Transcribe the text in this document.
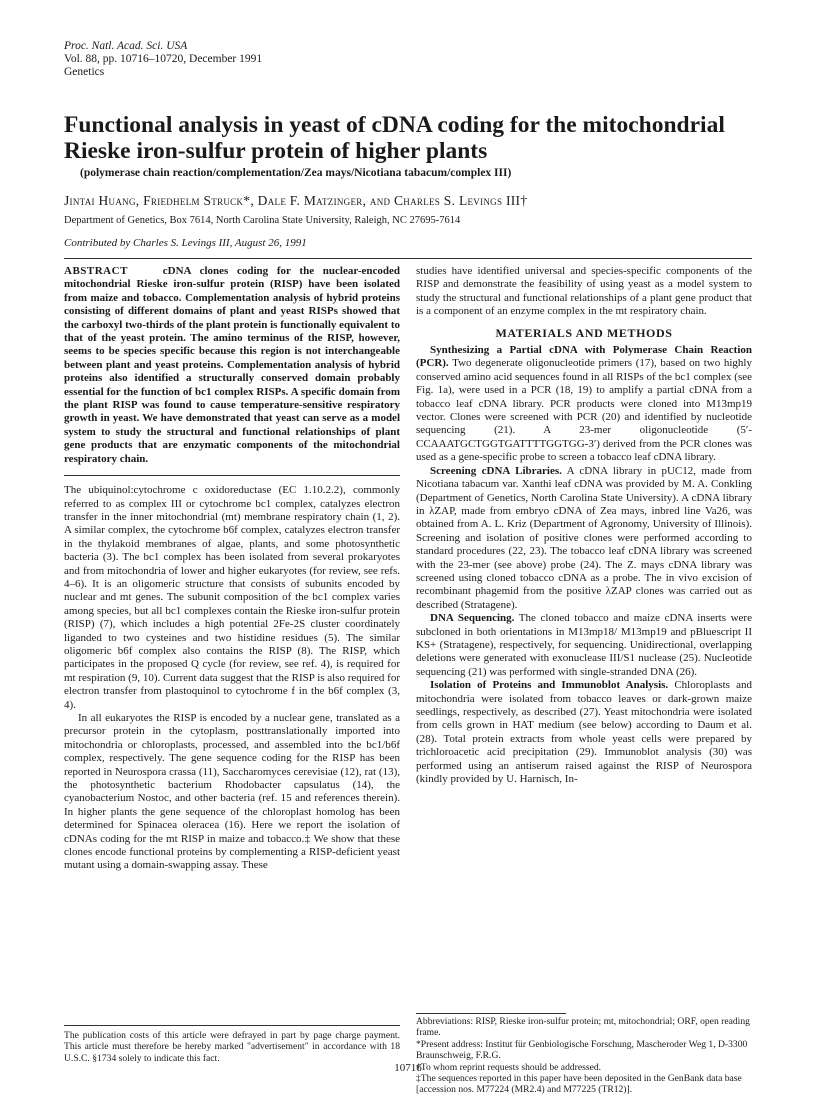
Proc. Natl. Acad. Sci. USA
Vol. 88, pp. 10716–10720, December 1991
Genetics
Functional analysis in yeast of cDNA coding for the mitochondrial Rieske iron-sulfur protein of higher plants
(polymerase chain reaction/complementation/Zea mays/Nicotiana tabacum/complex III)
Jintai Huang, Friedhelm Struck*, Dale F. Matzinger, and Charles S. Levings III†
Department of Genetics, Box 7614, North Carolina State University, Raleigh, NC 27695-7614
Contributed by Charles S. Levings III, August 26, 1991

ABSTRACT	cDNA clones coding for the nuclear-encoded mitochondrial Rieske iron-sulfur protein (RISP) have been isolated from maize and tobacco. Complementation analysis of hybrid proteins consisting of different domains of plant and yeast RISPs showed that the carboxyl two-thirds of the plant protein is functionally equivalent to that of the yeast protein. The amino terminus of the RISP, however, seems to be species specific because this region is not interchangeable between plant and yeast proteins. Complementation analysis of hybrid proteins also identified a structurally conserved domain probably essential for the function of bc1 complex RISPs. A specific domain from the plant RISP was found to cause temperature-sensitive respiratory growth in yeast. We have demonstrated that yeast can serve as a model system to study the structural and functional relationships of plant gene products that are enzymatic components of the mitochondrial respiratory chain.

The ubiquinol:cytochrome c oxidoreductase (EC 1.10.2.2), commonly referred to as complex III or cytochrome bc1 complex, catalyzes electron transfer in the inner mitochondrial (mt) membrane respiratory chain (1, 2). A similar complex, the cytochrome b6f complex, catalyzes electron transfer in the thylakoid membranes of algae, plants, and some photosynthetic bacteria (3). The bc1 complex has been isolated from several prokaryotes and from mitochondria of lower and higher eukaryotes (for review, see refs. 4–6). It is an oligomeric structure that consists of subunits encoded by nuclear and mt genes. The subunit composition of the bc1 complex varies among species, but all bc1 complexes contain the Rieske iron-sulfur protein (RISP) (7), which includes a high potential 2Fe-2S cluster coordinately liganded to two cysteines and two histidine residues (5). The similar oligomeric b6f complex also contains the RISP (8). The RISP, which participates in the proposed Q cycle (for review, see ref. 4), is required for mt respiration (9, 10). Current data suggest that the RISP is also required for electron transfer from plastoquinol to cytochrome f in the b6f complex (3, 4).

In all eukaryotes the RISP is encoded by a nuclear gene, translated as a precursor protein in the cytoplasm, posttranslationally imported into mitochondria or chloroplasts, processed, and assembled into the bc1/b6f complex, respectively. The gene sequence coding for the RISP has been reported in Neurospora crassa (11), Saccharomyces cerevisiae (12), rat (13), the photosynthetic bacterium Rhodobacter capsulatus (14), the cyanobacterium Nostoc, and other bacteria (ref. 15 and references therein). In higher plants the gene sequence of the chloroplast homolog has been determined for Spinacea oleracea (16). Here we report the isolation of cDNAs coding for the mt RISP in maize and tobacco.‡ We show that these clones encode functional proteins by complementing a RISP-deficient yeast mutant using a domain-swapping assay. These

studies have identified universal and species-specific components of the RISP and demonstrate the feasibility of using yeast as a model system to study the structural and functional relationships of a plant gene product that is a component of an enzyme complex in the mt respiratory chain.

MATERIALS AND METHODS

Synthesizing a Partial cDNA with Polymerase Chain Reaction (PCR). Two degenerate oligonucleotide primers (17), based on two highly conserved amino acid sequences found in all RISPs of the bc1 complex (see Fig. 1a), were used in a PCR (18, 19) to amplify a partial cDNA from a tobacco leaf cDNA library. PCR products were cloned into M13mp19 vector. Clones were screened with PCR (20) and identified by nucleotide sequencing (21). A 23-mer oligonucleotide (5′-CCAAATGCTGGTGATTTTGGTGG-3′) derived from the PCR clones was used as a gene-specific probe to screen a tobacco leaf cDNA library.

Screening cDNA Libraries. A cDNA library in pUC12, made from Nicotiana tabacum var. Xanthi leaf cDNA was provided by M. A. Conkling (Department of Genetics, North Carolina State University). A cDNA library in λZAP, made from embryo cDNA of Zea mays, inbred line Va26, was obtained from A. L. Kriz (Department of Agronomy, University of Illinois). Screening and isolation of positive clones were performed according to standard procedures (22, 23). The tobacco leaf cDNA library was screened with the 23-mer (see above) probe (24). The Z. mays cDNA library was screened using cloned tobacco cDNA as a probe. The in vivo excision of recombinant phagemid from the positive λZAP clones was carried out as described (Stratagene).

DNA Sequencing. The cloned tobacco and maize cDNA inserts were subcloned in both orientations in M13mp18/ M13mp19 and pBluescript II KS+ (Stratagene), respectively, for sequencing. Unidirectional, overlapping deletions were generated with exonuclease III/S1 nuclease (25). Nucleotide sequencing (21) was performed with single-stranded DNA (26).

Isolation of Proteins and Immunoblot Analysis. Chloroplasts and mitochondria were isolated from tobacco leaves or dark-grown maize seedlings, respectively, as described (27). Yeast mitochondria were isolated from cells grown in HAT medium (see below) according to Daum et al. (28). Total protein extracts from whole yeast cells were prepared by trichloroacetic acid precipitation (29). Immunoblot analysis (30) was performed using an antiserum raised against the RISP of Neurospora (kindly provided by U. Harnisch, In-

Abbreviations: RISP, Rieske iron-sulfur protein; mt, mitochondrial; ORF, open reading frame.
*Present address: Institut für Genbiologische Forschung, Mascheroder Weg 1, D-3300 Braunschweig, F.R.G.
†To whom reprint requests should be addressed.
‡The sequences reported in this paper have been deposited in the GenBank data base [accession nos. M77224 (MR2.4) and M77225 (TR12)].
The publication costs of this article were defrayed in part by page charge payment. This article must therefore be hereby marked "advertisement" in accordance with 18 U.S.C. §1734 solely to indicate this fact.
10716
